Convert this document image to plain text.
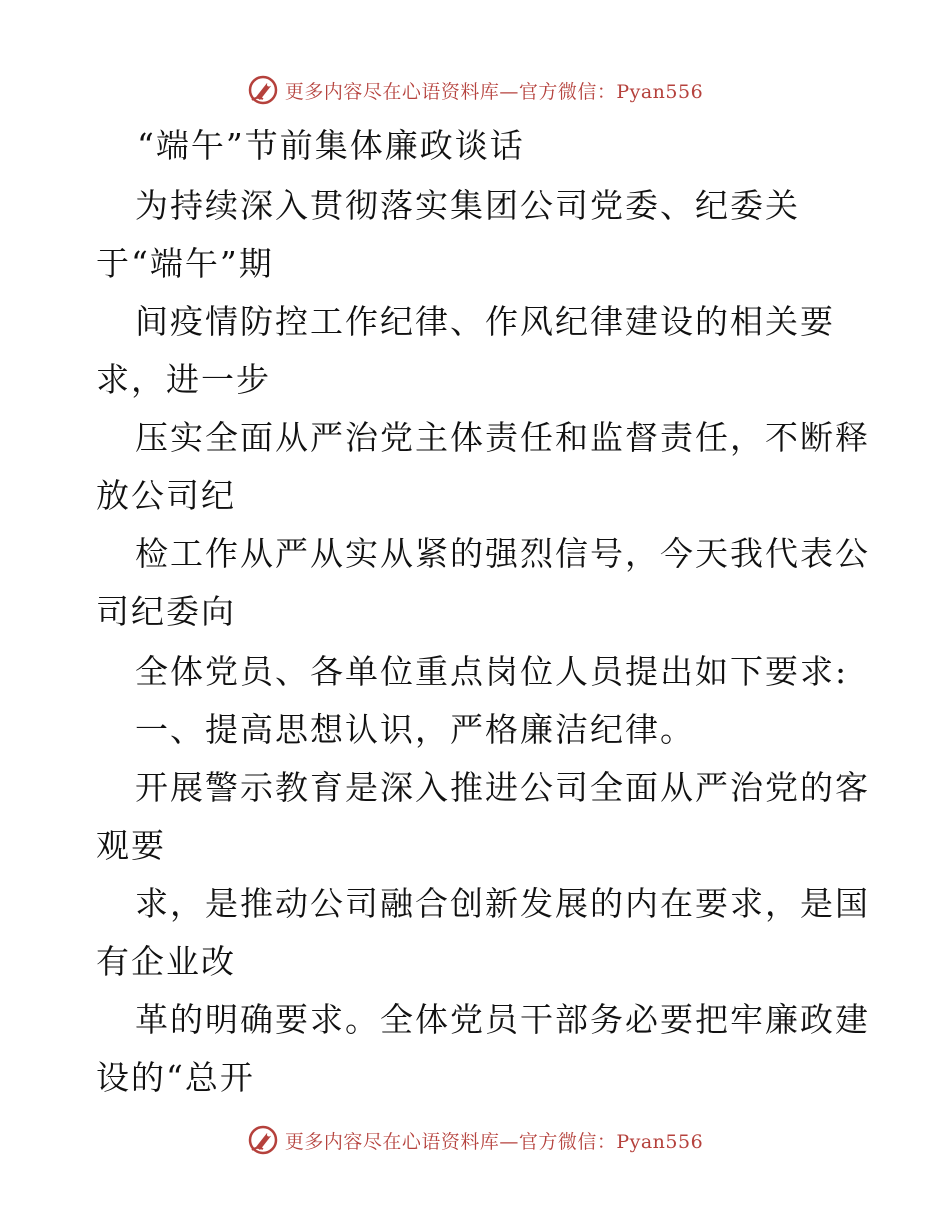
更多内容尽在心语资料库—官方微信：Pyan556
“端午”节前集体廉政谈话
为持续深入贯彻落实集团公司党委、纪委关
于“端午”期
间疫情防控工作纪律、作风纪律建设的相关要
求，进一步
压实全面从严治党主体责任和监督责任，不断释
放公司纪
检工作从严从实从紧的强烈信号，今天我代表公
司纪委向
全体党员、各单位重点岗位人员提出如下要求:
一、提高思想认识，严格廉洁纪律。
开展警示教育是深入推进公司全面从严治党的客
观要
求，是推动公司融合创新发展的内在要求，是国
有企业改
革的明确要求。全体党员干部务必要把牢廉政建
设的“总开
更多内容尽在心语资料库—官方微信：Pyan556
